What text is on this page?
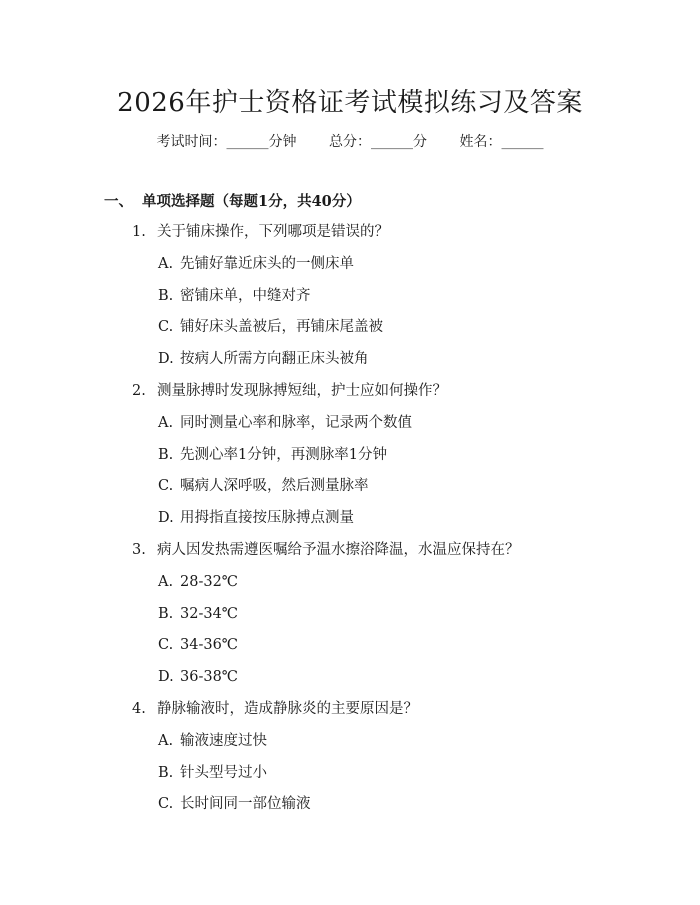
2026年护士资格证考试模拟练习及答案
考试时间：______分钟 总分：______分 姓名：______
一、 单项选择题（每题1分，共40分）
1. 关于铺床操作，下列哪项是错误的？
A. 先铺好靠近床头的一侧床单
B. 密铺床单，中缝对齐
C. 铺好床头盖被后，再铺床尾盖被
D. 按病人所需方向翻正床头被角
2. 测量脉搏时发现脉搏短绌，护士应如何操作？
A. 同时测量心率和脉率，记录两个数值
B. 先测心率1分钟，再测脉率1分钟
C. 嘱病人深呼吸，然后测量脉率
D. 用拇指直接按压脉搏点测量
3. 病人因发热需遵医嘱给予温水擦浴降温，水温应保持在？
A. 28-32℃
B. 32-34℃
C. 34-36℃
D. 36-38℃
4. 静脉输液时，造成静脉炎的主要原因是？
A. 输液速度过快
B. 针头型号过小
C. 长时间同一部位输液
